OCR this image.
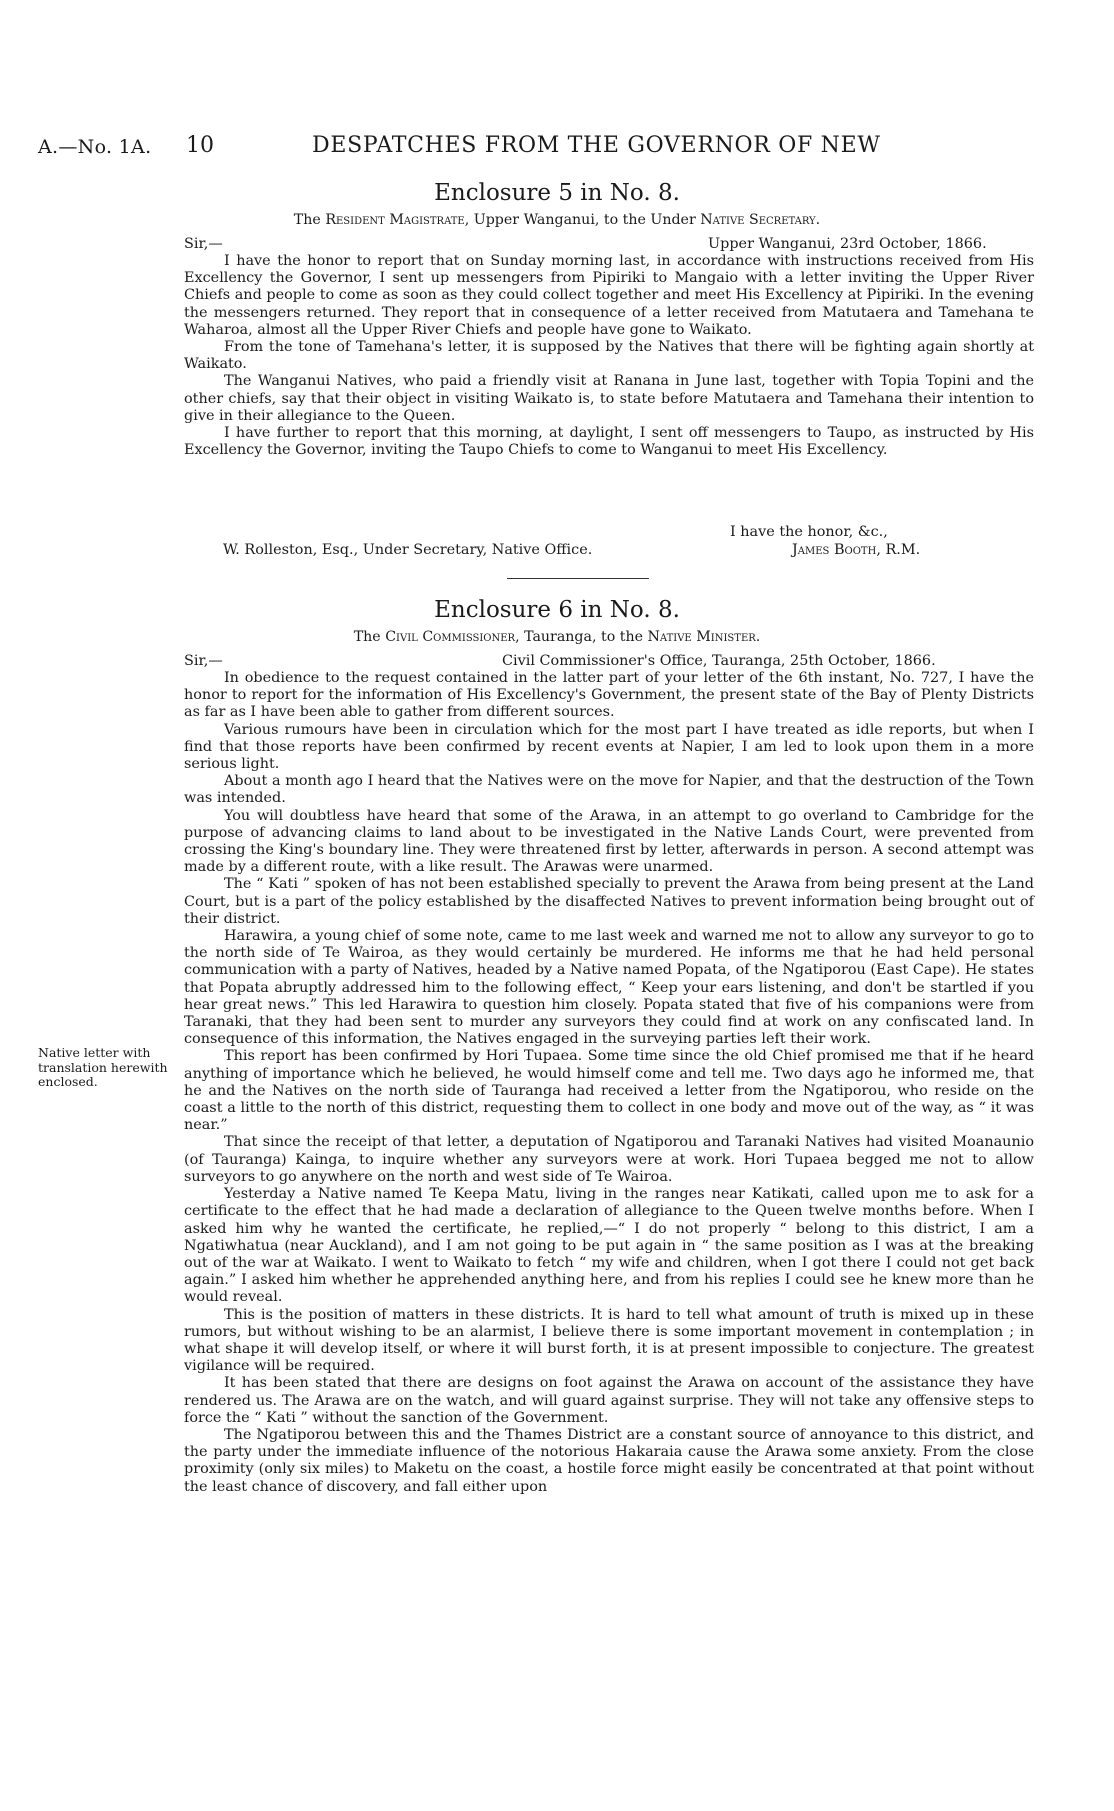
A.—No. 1A. 10	DESPATCHES FROM THE GOVERNOR OF NEW
Enclosure 5 in No. 8.
The Resident Magistrate, Upper Wanganui, to the Under Native Secretary.
Sir,—	Upper Wanganui, 23rd October, 1866.

I have the honor to report that on Sunday morning last, in accordance with instructions received from His Excellency the Governor, I sent up messengers from Pipiriki to Mangaio with a letter inviting the Upper River Chiefs and people to come as soon as they could collect together and meet His Excellency at Pipiriki. In the evening the messengers returned. They report that in consequence of a letter received from Matutaera and Tamehana te Waharoa, almost all the Upper River Chiefs and people have gone to Waikato.

From the tone of Tamehana's letter, it is supposed by the Natives that there will be fighting again shortly at Waikato.

The Wanganui Natives, who paid a friendly visit at Ranana in June last, together with Topia Topini and the other chiefs, say that their object in visiting Waikato is, to state before Matutaera and Tamehana their intention to give in their allegiance to the Queen.

I have further to report that this morning, at daylight, I sent off messengers to Taupo, as instructed by His Excellency the Governor, inviting the Taupo Chiefs to come to Wanganui to meet His Excellency.

I have the honor, &c.,
W. Rolleston, Esq., Under Secretary, Native Office.	James Booth, R.M.
Enclosure 6 in No. 8.
The Civil Commissioner, Tauranga, to the Native Minister.
Sir,—	Civil Commissioner's Office, Tauranga, 25th October, 1866.

In obedience to the request contained in the latter part of your letter of the 6th instant, No. 727, I have the honor to report for the information of His Excellency's Government, the present state of the Bay of Plenty Districts as far as I have been able to gather from different sources.

Various rumours have been in circulation which for the most part I have treated as idle reports, but when I find that those reports have been confirmed by recent events at Napier, I am led to look upon them in a more serious light.

About a month ago I heard that the Natives were on the move for Napier, and that the destruction of the Town was intended.

You will doubtless have heard that some of the Arawa, in an attempt to go overland to Cambridge for the purpose of advancing claims to land about to be investigated in the Native Lands Court, were prevented from crossing the King's boundary line. They were threatened first by letter, afterwards in person. A second attempt was made by a different route, with a like result. The Arawas were unarmed.

The “ Kati ” spoken of has not been established specially to prevent the Arawa from being present at the Land Court, but is a part of the policy established by the disaffected Natives to prevent information being brought out of their district.

Harawira, a young chief of some note, came to me last week and warned me not to allow any surveyor to go to the north side of Te Wairoa, as they would certainly be murdered. He informs me that he had held personal communication with a party of Natives, headed by a Native named Popata, of the Ngatiporou (East Cape). He states that Popata abruptly addressed him to the following effect, “ Keep your ears listening, and don't be startled if you hear great news.” This led Harawira to question him closely. Popata stated that five of his companions were from Taranaki, that they had been sent to murder any surveyors they could find at work on any confiscated land. In consequence of this information, the Natives engaged in the surveying parties left their work.

This report has been confirmed by Hori Tupaea. Some time since the old Chief promised me that if he heard anything of importance which he believed, he would himself come and tell me. Two days ago he informed me, that he and the Natives on the north side of Tauranga had received a letter from the Ngatiporou, who reside on the coast a little to the north of this district, requesting them to collect in one body and move out of the way, as “ it was near.”

That since the receipt of that letter, a deputation of Ngatiporou and Taranaki Natives had visited Moanaunio (of Tauranga) Kainga, to inquire whether any surveyors were at work. Hori Tupaea begged me not to allow surveyors to go anywhere on the north and west side of Te Wairoa.

Yesterday a Native named Te Keepa Matu, living in the ranges near Katikati, called upon me to ask for a certificate to the effect that he had made a declaration of allegiance to the Queen twelve months before. When I asked him why he wanted the certificate, he replied,—“ I do not properly “ belong to this district, I am a Ngatiwhatua (near Auckland), and I am not going to be put again in “ the same position as I was at the breaking out of the war at Waikato. I went to Waikato to fetch “ my wife and children, when I got there I could not get back again.” I asked him whether he apprehended anything here, and from his replies I could see he knew more than he would reveal.

This is the position of matters in these districts. It is hard to tell what amount of truth is mixed up in these rumors, but without wishing to be an alarmist, I believe there is some important movement in contemplation ; in what shape it will develop itself, or where it will burst forth, it is at present impossible to conjecture. The greatest vigilance will be required.

It has been stated that there are designs on foot against the Arawa on account of the assistance they have rendered us. The Arawa are on the watch, and will guard against surprise. They will not take any offensive steps to force the “ Kati ” without the sanction of the Government.

The Ngatiporou between this and the Thames District are a constant source of annoyance to this district, and the party under the immediate influence of the notorious Hakaraia cause the Arawa some anxiety. From the close proximity (only six miles) to Maketu on the coast, a hostile force might easily be concentrated at that point without the least chance of discovery, and fall either upon

Native letter with translation herewith enclosed.
